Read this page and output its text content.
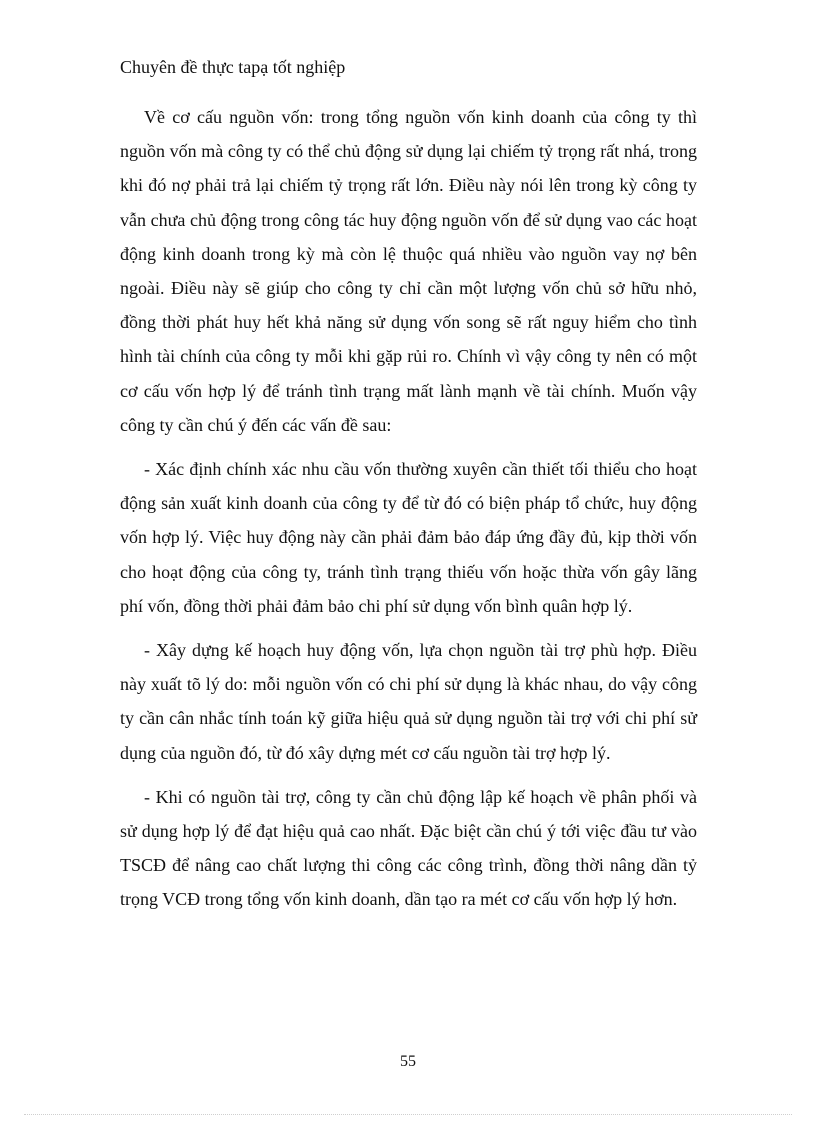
Chuyên đề thực tapạ tốt nghiệp

Về cơ cấu nguồn vốn: trong tổng nguồn vốn kinh doanh của công ty thì nguồn vốn mà công ty có thể chủ động sử dụng lại chiếm tỷ trọng rất nhá, trong khi đó nợ phải trả lại chiếm tỷ trọng rất lớn. Điều này nói lên trong kỳ công ty vẫn chưa chủ động trong công tác huy động nguồn vốn để sử dụng vao các hoạt động kinh doanh trong kỳ mà còn lệ thuộc quá nhiều vào nguồn vay nợ bên ngoài. Điều này sẽ giúp cho công ty chỉ cần một lượng vốn chủ sở hữu nhỏ, đồng thời phát huy hết khả năng sử dụng vốn song sẽ rất nguy hiểm cho tình hình tài chính của công ty mỗi khi gặp rủi ro. Chính vì vậy công ty nên có một cơ cấu vốn hợp lý để tránh tình trạng mất lành mạnh về tài chính. Muốn vậy công ty cần chú ý đến các vấn đề sau:

- Xác định chính xác nhu cầu vốn thường xuyên cần thiết tối thiểu cho hoạt động sản xuất kinh doanh của công ty để từ đó có biện pháp tổ chức, huy động vốn hợp lý. Việc huy động này cần phải đảm bảo đáp ứng đầy đủ, kịp thời vốn cho hoạt động của công ty, tránh tình trạng thiếu vốn hoặc thừa vốn gây lãng phí vốn, đồng thời phải đảm bảo chi phí sử dụng vốn bình quân hợp lý.

- Xây dựng kế hoạch huy động vốn, lựa chọn nguồn tài trợ phù hợp. Điều này xuất tõ lý do: mỗi nguồn vốn có chi phí sử dụng là khác nhau, do vậy công ty cần cân nhắc tính toán kỹ giữa hiệu quả sử dụng nguồn tài trợ với chi phí sử dụng của nguồn đó, từ đó xây dựng mét cơ cấu nguồn tài trợ hợp lý.

- Khi có nguồn tài trợ, công ty cần chủ động lập kế hoạch về phân phối và sử dụng hợp lý để đạt hiệu quả cao nhất. Đặc biệt cần chú ý tới việc đầu tư vào TSCĐ để nâng cao chất lượng thi công các công trình, đồng thời nâng dần tỷ trọng VCĐ trong tổng vốn kinh doanh, dần tạo ra mét cơ cấu vốn hợp lý hơn.

55
